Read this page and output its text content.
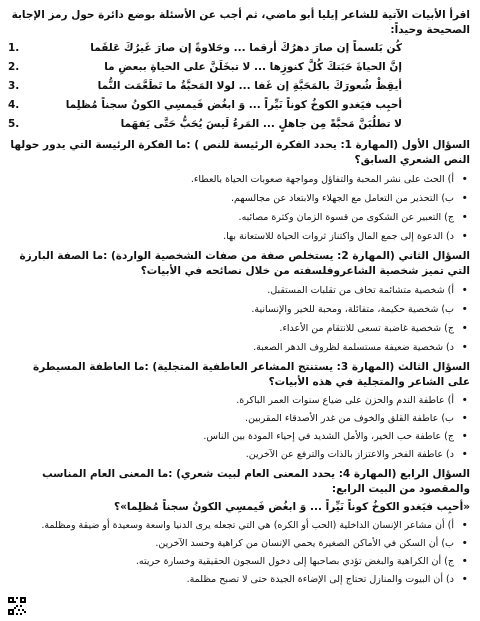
اقرأ الأبيات الآتية للشاعر إيليا أبو ماضي، ثم أجب عن الأسئلة بوضع دائرة حول رمز الإجابة الصحيحة وحيداً:
كُن بَلسماً إن صارَ دهرُكَ أرقما ... وحَلاوةً إن صارَ غَيرُكَ عَلقَما
1.
إنَّ الحياةَ حَبَتكَ كُلَّ كنوزِها ... لا تبخَلَنَّ على الحياةِ ببعضِ ما
2.
أيقِظْ شُعورَكَ بالمَحَبَّةِ إن غَفا ... لولا المَحبَّةُ ما تَطَعَّمَت النُّما
3.
أحبِب فيَغدو الكوخُ كوناً نَيِّراً ... وَ ابغُض فَيمسِي الكونُ سجناً مُظلِما
4.
لا تطلُبَنَّ مَحبَّةً مِن جاهلٍ ... المَرءُ لَيسَ يُحَبُّ حَتَّى يَفهَما
5.
السؤال الأول (المهارة 1: يحدد الفكرة الرئيسة للنص ) :ما الفكرة الرئيسة التي يدور حولها النص الشعري السابق؟
• أ) الحث على نشر المحبة والتفاؤل ومواجهة صعوبات الحياة بالعطاء.
• ب) التحذير من التعامل مع الجهلاء والابتعاد عن مجالسهم.
• ج) التعبير عن الشكوى من قسوة الزمان وكثرة مصائبه.
• د) الدعوة إلى جمع المال واكتناز ثروات الحياة للاستعانة بها.
السؤال الثاني (المهارة 2: يستخلص صفة من صفات الشخصية الواردة) :ما الصفة البارزة التي تميز شخصية الشاعروفلسفته من خلال نصائحه في الأبيات؟
• أ) شخصية متشائمة تخاف من تقلبات المستقبل.
• ب) شخصية حكيمة، متفائلة، ومحبة للخير والإنسانية.
• ج) شخصية غاضبة تسعى للانتقام من الأعداء.
• د) شخصية ضعيفة مستسلمة لظروف الدهر الصعبة.
السؤال الثالث (المهارة 3: يستنتج المشاعر العاطفية المتجلية) :ما العاطفة المسيطرة على الشاعر والمتجلية في هذه الأبيات؟
• أ) عاطفة الندم والحزن على ضياع سنوات العمر الباكرة.
• ب) عاطفة القلق والخوف من غدر الأصدقاء المقربين.
• ج) عاطفة حب الخير، والأمل الشديد في إحياء المودة بين الناس.
• د) عاطفة الفخر والاعتزاز بالذات والترفع عن الآخرين.
السؤال الرابع (المهارة 4: يحدد المعنى العام لبيت شعري) :ما المعنى العام المناسب والمقصود من البيت الرابع:
«أحبِب فيَغدو الكوخُ كوناً نَيِّراً ... وَ ابغُض فَيمسِي الكونُ سجناً مُظلِما»؟
• أ) أن مشاعر الإنسان الداخلية (الحب أو الكره) هي التي تجعله يرى الدنيا واسعة وسعيدة أو ضيقة ومظلمة.
• ب) أن السكن في الأماكن الصغيرة يحمي الإنسان من كراهية وحسد الآخرين.
• ج) أن الكراهية والبغض تؤدي بصاحبها إلى دخول السجون الحقيقية وخسارة حريته.
• د) أن البيوت والمنازل تحتاج إلى الإضاءة الجيدة حتى لا تصبح مظلمة.
